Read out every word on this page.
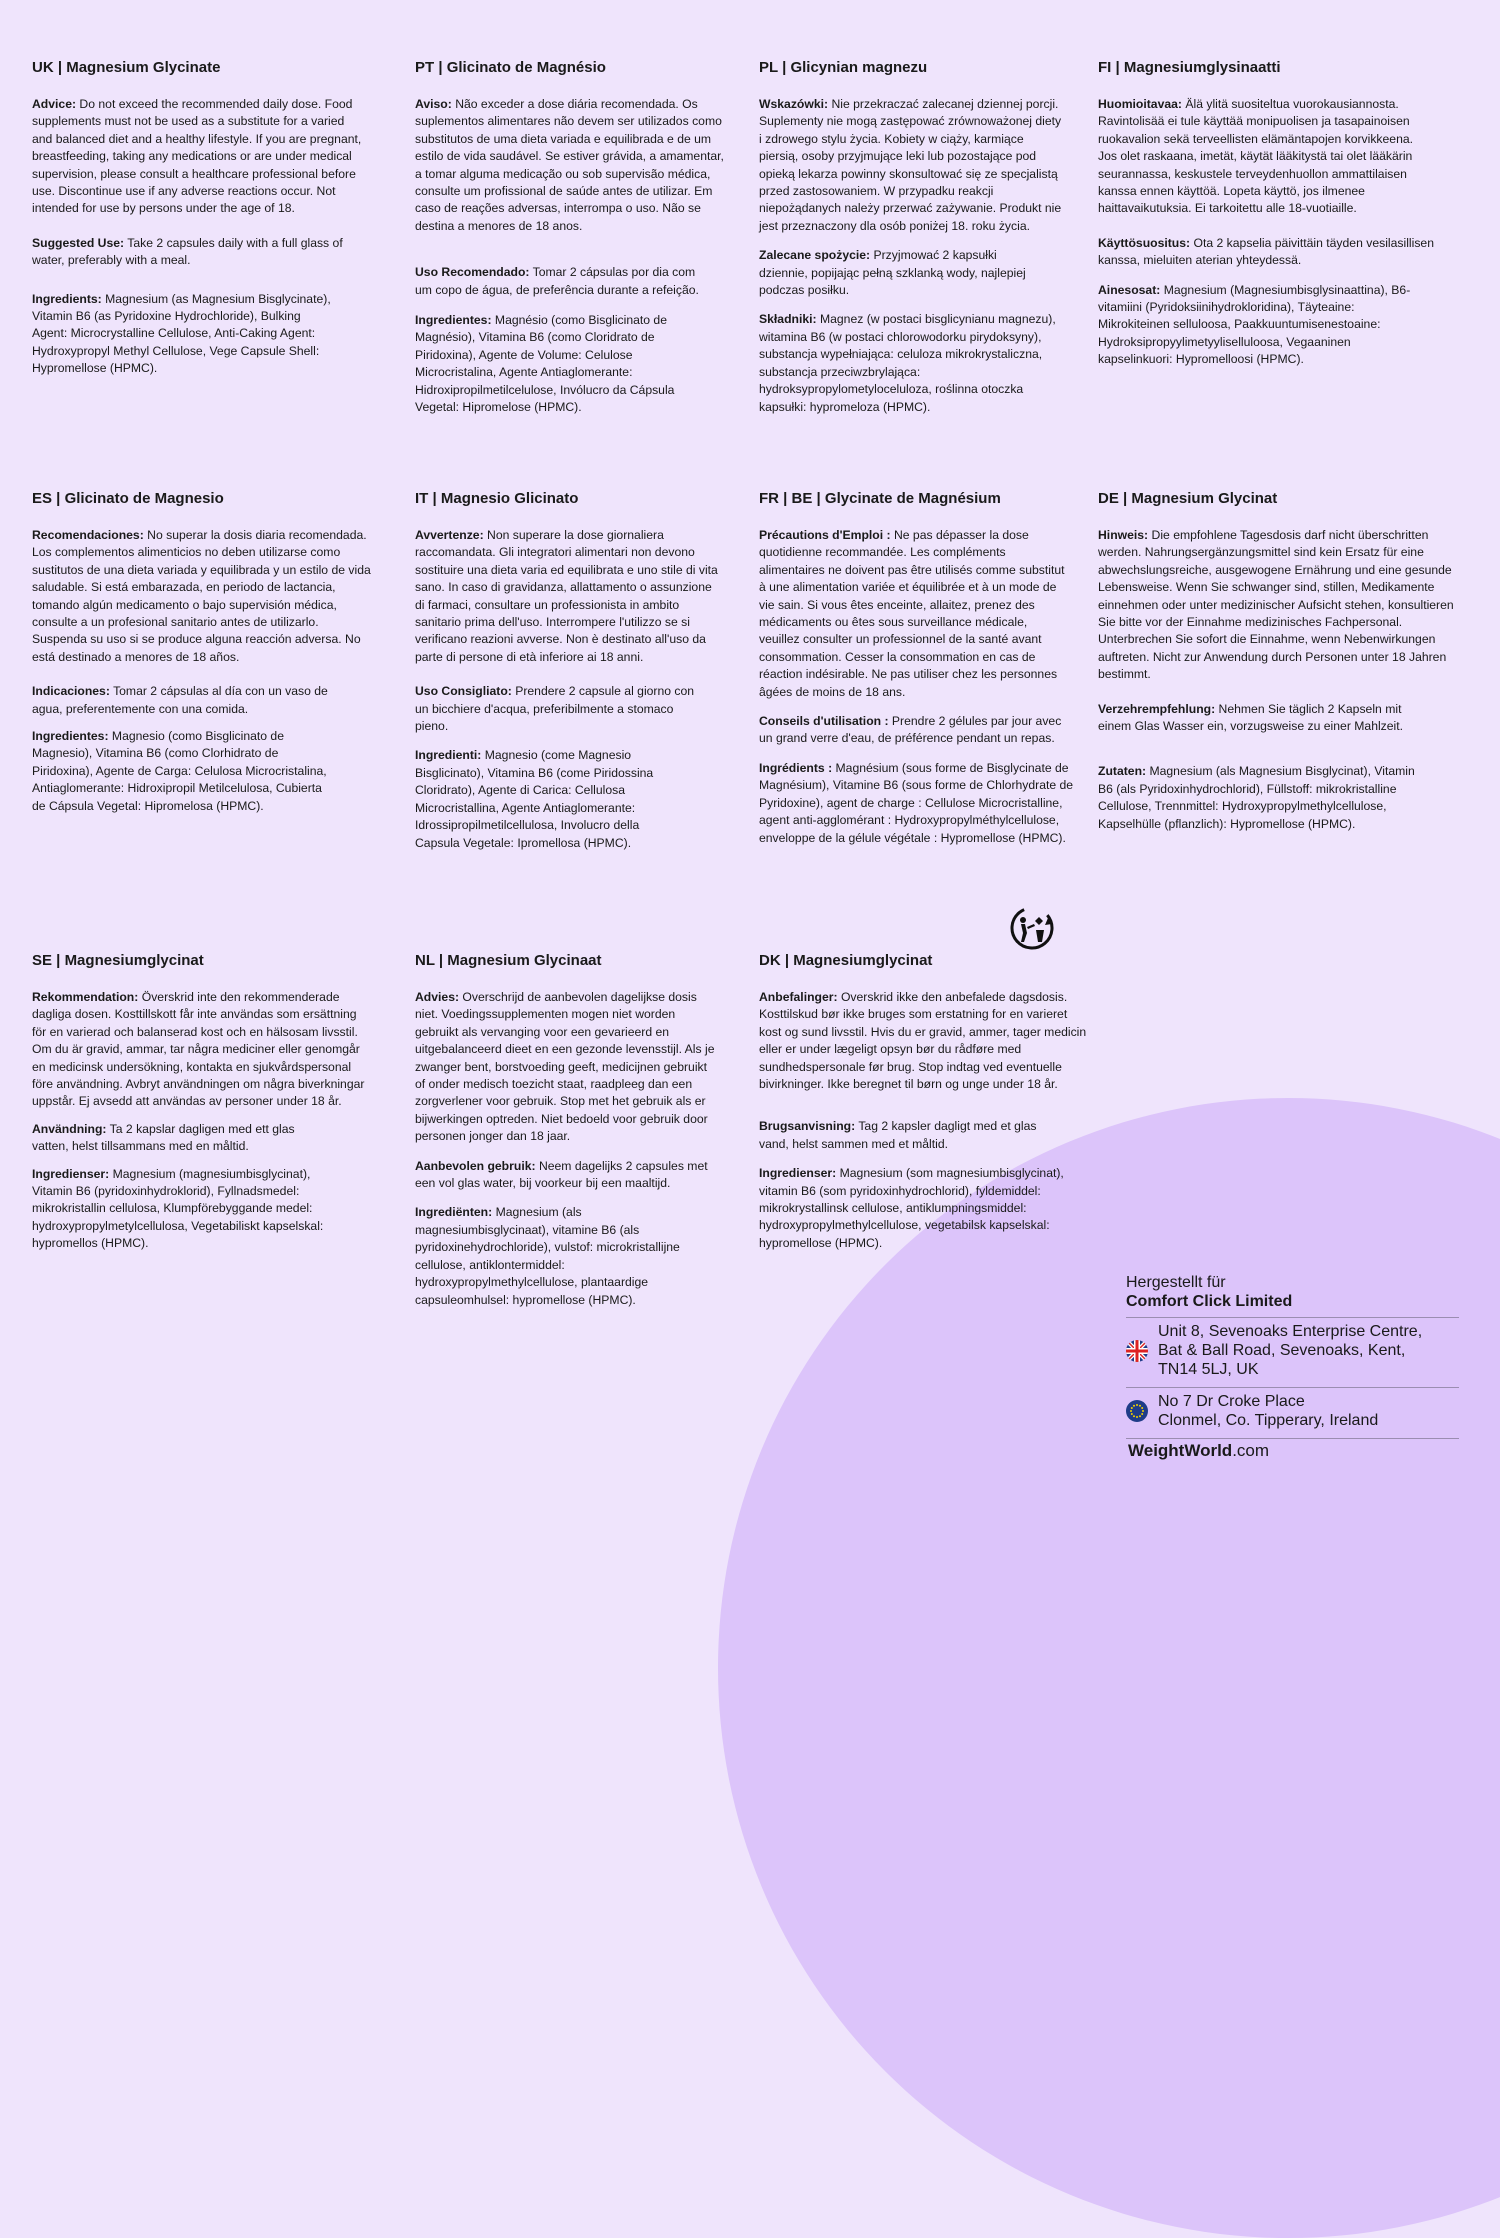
UK | Magnesium Glycinate

Advice: Do not exceed the recommended daily dose. Food supplements must not be used as a substitute for a varied and balanced diet and a healthy lifestyle. If you are pregnant, breastfeeding, taking any medications or are under medical supervision, please consult a healthcare professional before use. Discontinue use if any adverse reactions occur. Not intended for use by persons under the age of 18.

Suggested Use: Take 2 capsules daily with a full glass of water, preferably with a meal.

Ingredients: Magnesium (as Magnesium Bisglycinate), Vitamin B6 (as Pyridoxine Hydrochloride), Bulking Agent: Microcrystalline Cellulose, Anti-Caking Agent: Hydroxypropyl Methyl Cellulose, Vege Capsule Shell: Hypromellose (HPMC).

PT | Glicinato de Magnésio

Aviso: Não exceder a dose diária recomendada. Os suplementos alimentares não devem ser utilizados como substitutos de uma dieta variada e equilibrada e de um estilo de vida saudável. Se estiver grávida, a amamentar, a tomar alguma medicação ou sob supervisão médica, consulte um profissional de saúde antes de utilizar. Em caso de reações adversas, interrompa o uso. Não se destina a menores de 18 anos.

Uso Recomendado: Tomar 2 cápsulas por dia com um copo de água, de preferência durante a refeição.

Ingredientes: Magnésio (como Bisglicinato de Magnésio), Vitamina B6 (como Cloridrato de Piridoxina), Agente de Volume: Celulose Microcristalina, Agente Antiaglomerante: Hidroxipropilmetilcelulose, Invólucro da Cápsula Vegetal: Hipromelose (HPMC).

PL | Glicynian magnezu

Wskazówki: Nie przekraczać zalecanej dziennej porcji. Suplementy nie mogą zastępować zrównoważonej diety i zdrowego stylu życia. Kobiety w ciąży, karmiące piersią, osoby przyjmujące leki lub pozostające pod opieką lekarza powinny skonsultować się ze specjalistą przed zastosowaniem. W przypadku reakcji niepożądanych należy przerwać zażywanie. Produkt nie jest przeznaczony dla osób poniżej 18. roku życia.

Zalecane spożycie: Przyjmować 2 kapsułki dziennie, popijając pełną szklanką wody, najlepiej podczas posiłku.

Składniki: Magnez (w postaci bisglicynianu magnezu), witamina B6 (w postaci chlorowodorku pirydoksyny), substancja wypełniająca: celuloza mikrokrystaliczna, substancja przeciwzbrylająca: hydroksypropylometyloceluloza, roślinna otoczka kapsułki: hypromeloza (HPMC).

FI | Magnesiumglysinaatti

Huomioitavaa: Älä ylitä suositeltua vuorokausiannosta. Ravintolisää ei tule käyttää monipuolisen ja tasapainoisen ruokavalion sekä terveellisten elämäntapojen korvikkeena. Jos olet raskaana, imetät, käytät lääkitystä tai olet lääkärin seurannassa, keskustele terveydenhuollon ammattilaisen kanssa ennen käyttöä. Lopeta käyttö, jos ilmenee haittavaikutuksia. Ei tarkoitettu alle 18-vuotiaille.

Käyttösuositus: Ota 2 kapselia päivittäin täyden vesilasillisen kanssa, mieluiten aterian yhteydessä.

Ainesosat: Magnesium (Magnesiumbisglysinaattina), B6-vitamiini (Pyridoksiinihydrokloridina), Täyteaine: Mikrokiteinen selluloosa, Paakkuuntumisenestoaine: Hydroksipropyylimetyyliselluloosa, Vegaaninen kapselinkuori: Hypromelloosi (HPMC).

ES | Glicinato de Magnesio

Recomendaciones: No superar la dosis diaria recomendada. Los complementos alimenticios no deben utilizarse como sustitutos de una dieta variada y equilibrada y un estilo de vida saludable. Si está embarazada, en periodo de lactancia, tomando algún medicamento o bajo supervisión médica, consulte a un profesional sanitario antes de utilizarlo. Suspenda su uso si se produce alguna reacción adversa. No está destinado a menores de 18 años.

Indicaciones: Tomar 2 cápsulas al día con un vaso de agua, preferentemente con una comida.

Ingredientes: Magnesio (como Bisglicinato de Magnesio), Vitamina B6 (como Clorhidrato de Piridoxina), Agente de Carga: Celulosa Microcristalina, Antiaglomerante: Hidroxipropil Metilcelulosa, Cubierta de Cápsula Vegetal: Hipromelosa (HPMC).

IT | Magnesio Glicinato

Avvertenze: Non superare la dose giornaliera raccomandata. Gli integratori alimentari non devono sostituire una dieta varia ed equilibrata e uno stile di vita sano. In caso di gravidanza, allattamento o assunzione di farmaci, consultare un professionista in ambito sanitario prima dell'uso. Interrompere l'utilizzo se si verificano reazioni avverse. Non è destinato all'uso da parte di persone di età inferiore ai 18 anni.

Uso Consigliato: Prendere 2 capsule al giorno con un bicchiere d'acqua, preferibilmente a stomaco pieno.

Ingredienti: Magnesio (come Magnesio Bisglicinato), Vitamina B6 (come Piridossina Cloridrato), Agente di Carica: Cellulosa Microcristallina, Agente Antiaglomerante: Idrossipropilmetilcellulosa, Involucro della Capsula Vegetale: Ipromellosa (HPMC).

FR | BE | Glycinate de Magnésium

Précautions d'Emploi : Ne pas dépasser la dose quotidienne recommandée. Les compléments alimentaires ne doivent pas être utilisés comme substitut à une alimentation variée et équilibrée et à un mode de vie sain. Si vous êtes enceinte, allaitez, prenez des médicaments ou êtes sous surveillance médicale, veuillez consulter un professionnel de la santé avant consommation. Cesser la consommation en cas de réaction indésirable. Ne pas utiliser chez les personnes âgées de moins de 18 ans.

Conseils d'utilisation : Prendre 2 gélules par jour avec un grand verre d'eau, de préférence pendant un repas.

Ingrédients : Magnésium (sous forme de Bisglycinate de Magnésium), Vitamine B6 (sous forme de Chlorhydrate de Pyridoxine), agent de charge : Cellulose Microcristalline, agent anti-agglomérant : Hydroxypropylméthylcellulose, enveloppe de la gélule végétale : Hypromellose (HPMC).

DE | Magnesium Glycinat

Hinweis: Die empfohlene Tagesdosis darf nicht überschritten werden. Nahrungsergänzungsmittel sind kein Ersatz für eine abwechslungsreiche, ausgewogene Ernährung und eine gesunde Lebensweise. Wenn Sie schwanger sind, stillen, Medikamente einnehmen oder unter medizinischer Aufsicht stehen, konsultieren Sie bitte vor der Einnahme medizinisches Fachpersonal. Unterbrechen Sie sofort die Einnahme, wenn Nebenwirkungen auftreten. Nicht zur Anwendung durch Personen unter 18 Jahren bestimmt.

Verzehrempfehlung: Nehmen Sie täglich 2 Kapseln mit einem Glas Wasser ein, vorzugsweise zu einer Mahlzeit.

Zutaten: Magnesium (als Magnesium Bisglycinat), Vitamin B6 (als Pyridoxinhydrochlorid), Füllstoff: mikrokristalline Cellulose, Trennmittel: Hydroxypropylmethylcellulose, Kapselhülle (pflanzlich): Hypromellose (HPMC).

SE | Magnesiumglycinat

Rekommendation: Överskrid inte den rekommenderade dagliga dosen. Kosttillskott får inte användas som ersättning för en varierad och balanserad kost och en hälsosam livsstil. Om du är gravid, ammar, tar några mediciner eller genomgår en medicinsk undersökning, kontakta en sjukvårdspersonal före användning. Avbryt användningen om några biverkningar uppstår. Ej avsedd att användas av personer under 18 år.

Användning: Ta 2 kapslar dagligen med ett glas vatten, helst tillsammans med en måltid.

Ingredienser: Magnesium (magnesiumbisglycinat), Vitamin B6 (pyridoxinhydroklorid), Fyllnadsmedel: mikrokristallin cellulosa, Klumpförebyggande medel: hydroxypropylmetylcellulosa, Vegetabiliskt kapselskal: hypromellos (HPMC).

NL | Magnesium Glycinaat

Advies: Overschrijd de aanbevolen dagelijkse dosis niet. Voedingssupplementen mogen niet worden gebruikt als vervanging voor een gevarieerd en uitgebalanceerd dieet en een gezonde levensstijl. Als je zwanger bent, borstvoeding geeft, medicijnen gebruikt of onder medisch toezicht staat, raadpleeg dan een zorgverlener voor gebruik. Stop met het gebruik als er bijwerkingen optreden. Niet bedoeld voor gebruik door personen jonger dan 18 jaar.

Aanbevolen gebruik: Neem dagelijks 2 capsules met een vol glas water, bij voorkeur bij een maaltijd.

Ingrediënten: Magnesium (als magnesiumbisglycinaat), vitamine B6 (als pyridoxinehydrochloride), vulstof: microkristallijne cellulose, antiklontermiddel: hydroxypropylmethylcellulose, plantaardige capsuleomhulsel: hypromellose (HPMC).

DK | Magnesiumglycinat

Anbefalinger: Overskrid ikke den anbefalede dagsdosis. Kosttilskud bør ikke bruges som erstatning for en varieret kost og sund livsstil. Hvis du er gravid, ammer, tager medicin eller er under lægeligt opsyn bør du rådføre med sundhedspersonale før brug. Stop indtag ved eventuelle bivirkninger. Ikke beregnet til børn og unge under 18 år.

Brugsanvisning: Tag 2 kapsler dagligt med et glas vand, helst sammen med et måltid.

Ingredienser: Magnesium (som magnesiumbisglycinat), vitamin B6 (som pyridoxinhydrochlorid), fyldemiddel: mikrokrystallinsk cellulose, antiklumpningsmiddel: hydroxypropylmethylcellulose, vegetabilsk kapselskal: hypromellose (HPMC).

Hergestellt für
Comfort Click Limited
Unit 8, Sevenoaks Enterprise Centre,
Bat & Ball Road, Sevenoaks, Kent,
TN14 5LJ, UK
No 7 Dr Croke Place
Clonmel, Co. Tipperary, Ireland
WeightWorld.com
